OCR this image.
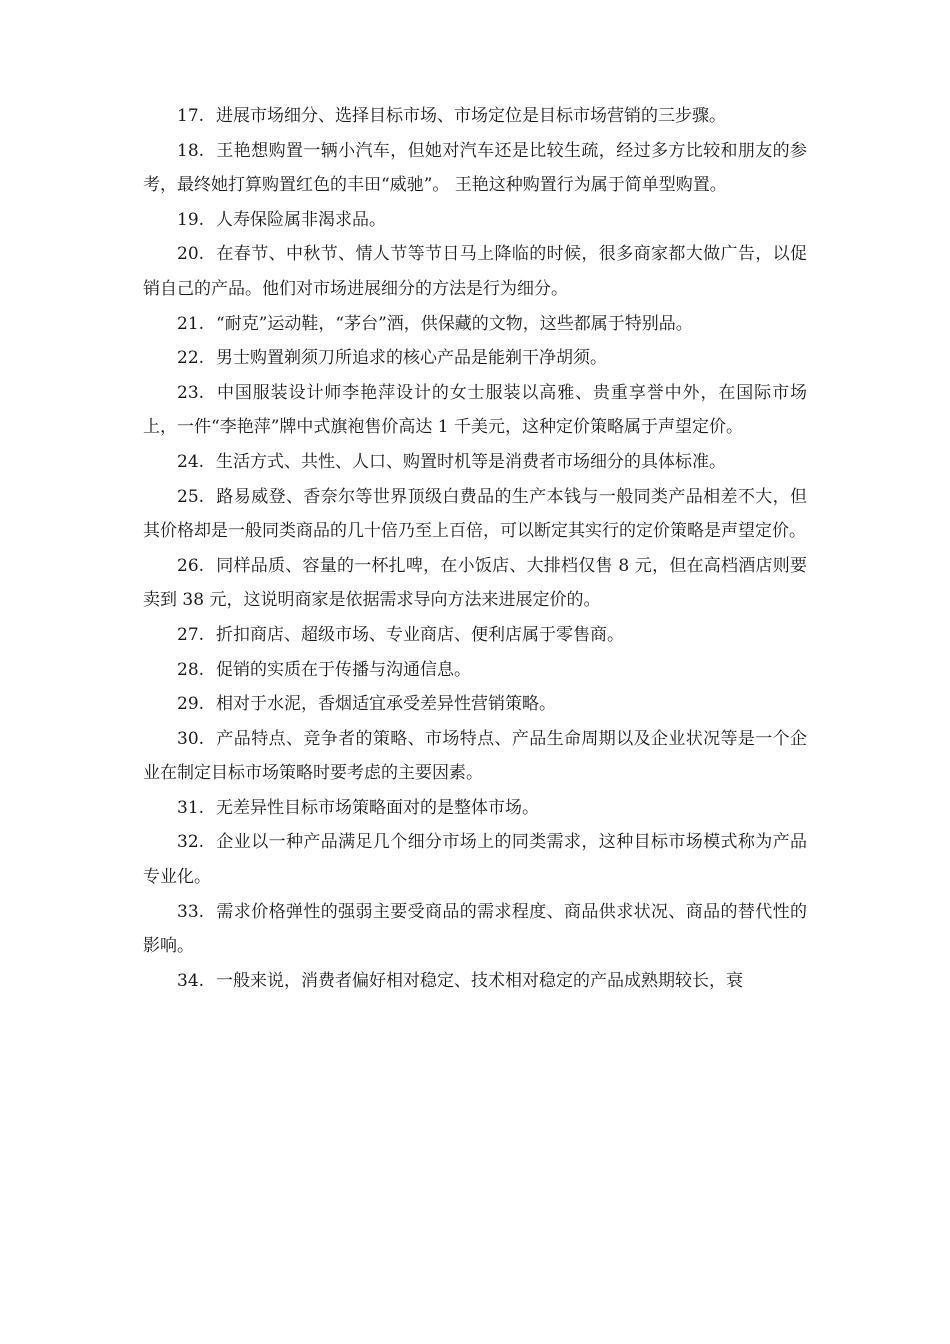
17. 进展市场细分、选择目标市场、市场定位是目标市场营销的三步骤。

18. 王艳想购置一辆小汽车，但她对汽车还是比较生疏，经过多方比较和朋友的参考，最终她打算购置红色的丰田“威驰”。 王艳这种购置行为属于简单型购置。

19. 人寿保险属非渴求品。

20. 在春节、中秋节、情人节等节日马上降临的时候，很多商家都大做广告，以促销自己的产品。他们对市场进展细分的方法是行为细分。

21. “耐克”运动鞋，“茅台”酒，供保藏的文物，这些都属于特别品。

22. 男士购置剃须刀所追求的核心产品是能剃干净胡须。

23. 中国服装设计师李艳萍设计的女士服装以高雅、贵重享誉中外，在国际市场上，一件“李艳萍”牌中式旗袍售价高达 1 千美元，这种定价策略属于声望定价。

24. 生活方式、共性、人口、购置时机等是消费者市场细分的具体标准。

25. 路易威登、香奈尔等世界顶级白费品的生产本钱与一般同类产品相差不大，但其价格却是一般同类商品的几十倍乃至上百倍，可以断定其实行的定价策略是声望定价。

26. 同样品质、容量的一杯扎啤，在小饭店、大排档仅售 8 元，但在高档酒店则要卖到 38 元，这说明商家是依据需求导向方法来进展定价的。

27. 折扣商店、超级市场、专业商店、便利店属于零售商。

28. 促销的实质在于传播与沟通信息。

29. 相对于水泥，香烟适宜承受差异性营销策略。

30. 产品特点、竞争者的策略、市场特点、产品生命周期以及企业状况等是一个企业在制定目标市场策略时要考虑的主要因素。

31. 无差异性目标市场策略面对的是整体市场。

32. 企业以一种产品满足几个细分市场上的同类需求，这种目标市场模式称为产品专业化。

33. 需求价格弹性的强弱主要受商品的需求程度、商品供求状况、商品的替代性的影响。

34. 一般来说，消费者偏好相对稳定、技术相对稳定的产品成熟期较长，衰
